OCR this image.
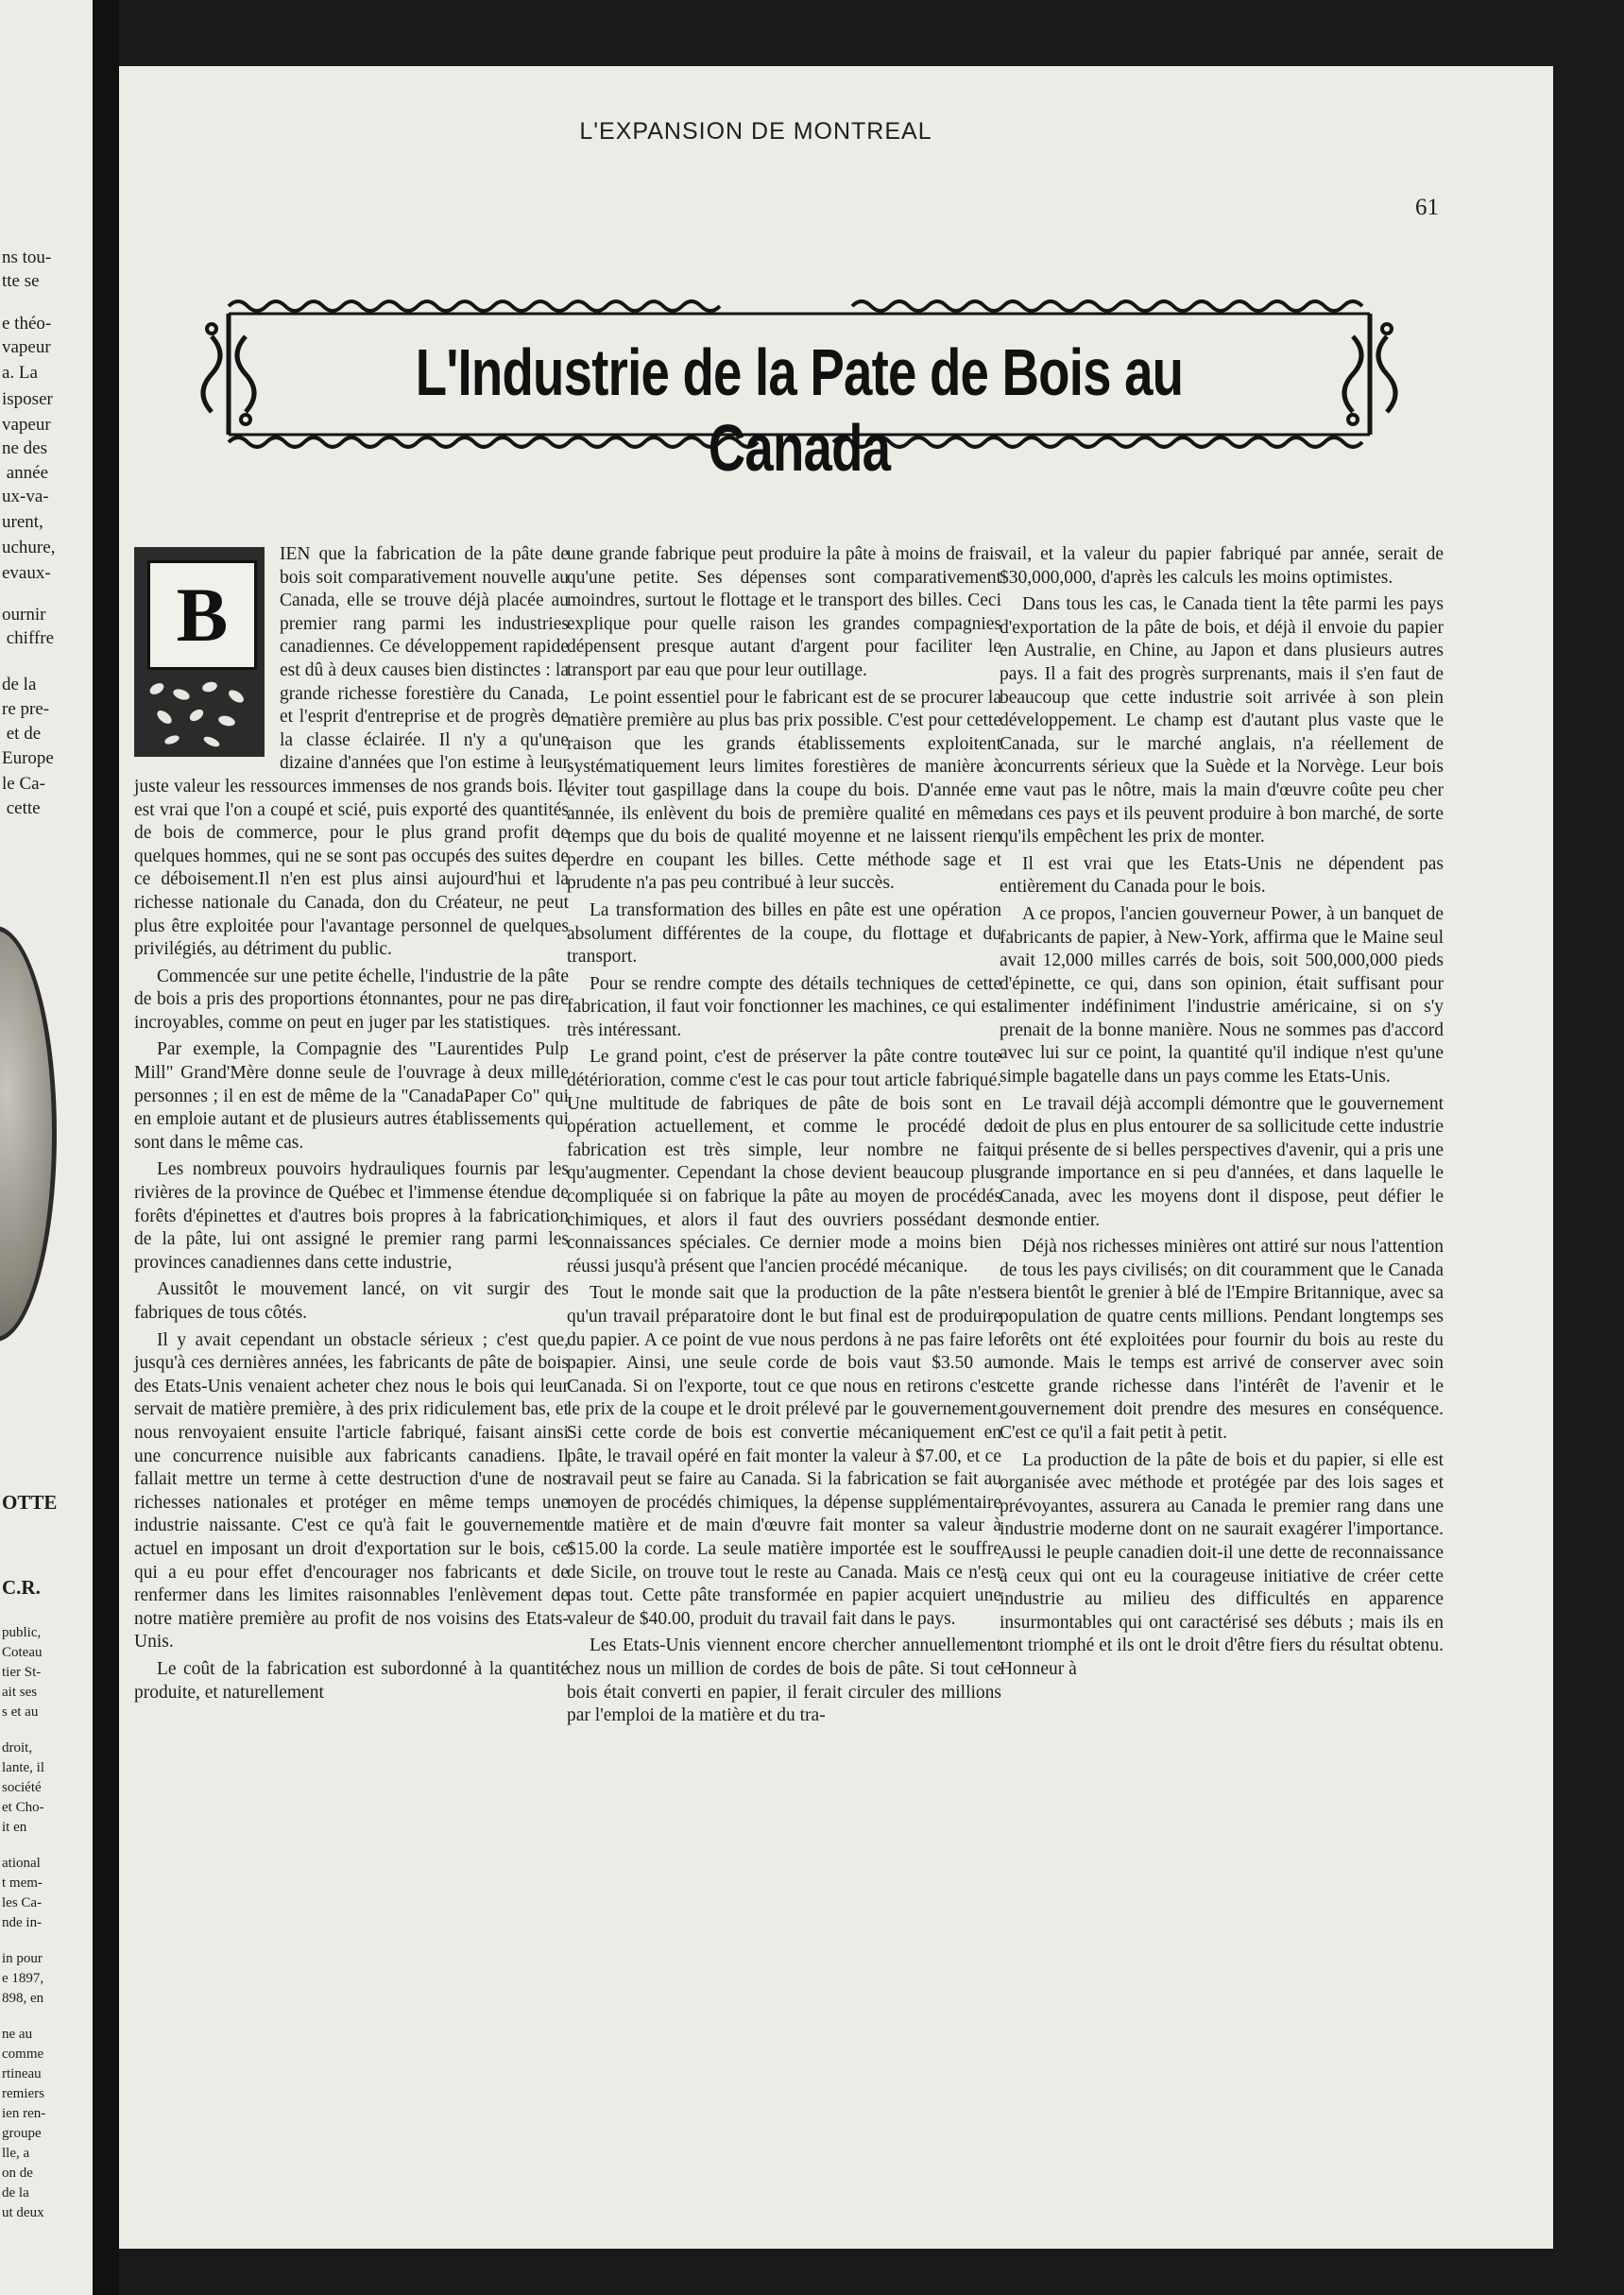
ns tou-
tte se
e théo-
vapeur
a. La
isposer
vapeur
ne des
année
ux-va-
urent,
uchure,
evaux-
ournir
chiffre
de la
re pre-
et de
Europe
le Ca-
cette
OTTE
C.R.
public,
Coteau
tier St-
ait ses
s et au
droit,
lante, il
société
et Cho-
it en
ational
t mem-
les Ca-
nde in-
in pour
e 1897,
898, en
ne au
comme
rtineau
remiers
ien ren-
groupe
lle, a
on de
de la
ut deux
L'EXPANSION DE MONTREAL
61
L'Industrie de la Pate de Bois au Canada
B

IEN que la fabrication de la pâte de bois soit comparativement nouvelle au Canada, elle se trouve déjà placée au premier rang parmi les industries canadiennes. Ce développement rapide est dû à deux causes bien distinctes : la grande richesse forestière du Canada, et l'esprit d'entreprise et de progrès de la classe éclairée. Il n'y a qu'une dizaine d'années que l'on estime à leur juste valeur les ressources immenses de nos grands bois. Il est vrai que l'on a coupé et scié, puis exporté des quantités de bois de commerce, pour le plus grand profit de quelques hommes, qui ne se sont pas occupés des suites de ce déboisement.Il n'en est plus ainsi aujourd'hui et la richesse nationale du Canada, don du Créateur, ne peut plus être exploitée pour l'avantage personnel de quelques privilégiés, au détriment du public.

Commencée sur une petite échelle, l'industrie de la pâte de bois a pris des proportions étonnantes, pour ne pas dire incroyables, comme on peut en juger par les statistiques.

Par exemple, la Compagnie des "Laurentides Pulp Mill" Grand'Mère donne seule de l'ouvrage à deux mille personnes ; il en est de même de la "CanadaPaper Co" qui en emploie autant et de plusieurs autres établissements qui sont dans le même cas.

Les nombreux pouvoirs hydrauliques fournis par les rivières de la province de Québec et l'immense étendue de forêts d'épinettes et d'autres bois propres à la fabrication de la pâte, lui ont assigné le premier rang parmi les provinces canadiennes dans cette industrie,

Aussitôt le mouvement lancé, on vit surgir des fabriques de tous côtés.

Il y avait cependant un obstacle sérieux ; c'est que, jusqu'à ces dernières années, les fabricants de pâte de bois des Etats-Unis venaient acheter chez nous le bois qui leur servait de matière première, à des prix ridiculement bas, et nous renvoyaient ensuite l'article fabriqué, faisant ainsi une concurrence nuisible aux fabricants canadiens. Il fallait mettre un terme à cette destruction d'une de nos richesses nationales et protéger en même temps une industrie naissante. C'est ce qu'à fait le gouvernement actuel en imposant un droit d'exportation sur le bois, ce qui a eu pour effet d'encourager nos fabricants et de renfermer dans les limites raisonnables l'enlèvement de notre matière première au profit de nos voisins des Etats-Unis.

Le coût de la fabrication est subordonné à la quantité produite, et naturellement

une grande fabrique peut produire la pâte à moins de frais qu'une petite. Ses dépenses sont comparativement moindres, surtout le flottage et le transport des billes. Ceci explique pour quelle raison les grandes compagnies dépensent presque autant d'argent pour faciliter le transport par eau que pour leur outillage.

Le point essentiel pour le fabricant est de se procurer la matière première au plus bas prix possible. C'est pour cette raison que les grands établissements exploitent systématiquement leurs limites forestières de manière à éviter tout gaspillage dans la coupe du bois. D'année en année, ils enlèvent du bois de première qualité en même temps que du bois de qualité moyenne et ne laissent rien perdre en coupant les billes. Cette méthode sage et prudente n'a pas peu contribué à leur succès.

La transformation des billes en pâte est une opération absolument différentes de la coupe, du flottage et du transport.

Pour se rendre compte des détails techniques de cette fabrication, il faut voir fonctionner les machines, ce qui est très intéressant.

Le grand point, c'est de préserver la pâte contre toute détérioration, comme c'est le cas pour tout article fabriqué. Une multitude de fabriques de pâte de bois sont en opération actuellement, et comme le procédé de fabrication est très simple, leur nombre ne fait qu'augmenter. Cependant la chose devient beaucoup plus compliquée si on fabrique la pâte au moyen de procédés chimiques, et alors il faut des ouvriers possédant des connaissances spéciales. Ce dernier mode a moins bien réussi jusqu'à présent que l'ancien procédé mécanique.

Tout le monde sait que la production de la pâte n'est qu'un travail préparatoire dont le but final est de produire du papier. A ce point de vue nous perdons à ne pas faire le papier. Ainsi, une seule corde de bois vaut $3.50 au Canada. Si on l'exporte, tout ce que nous en retirons c'est le prix de la coupe et le droit prélevé par le gouvernement. Si cette corde de bois est convertie mécaniquement en pâte, le travail opéré en fait monter la valeur à $7.00, et ce travail peut se faire au Canada. Si la fabrication se fait au moyen de procédés chimiques, la dépense supplémentaire de matière et de main d'œuvre fait monter sa valeur à $15.00 la corde. La seule matière importée est le souffre de Sicile, on trouve tout le reste au Canada. Mais ce n'est pas tout. Cette pâte transformée en papier acquiert une valeur de $40.00, produit du travail fait dans le pays.

Les Etats-Unis viennent encore chercher annuellement chez nous un million de cordes de bois de pâte. Si tout ce bois était converti en papier, il ferait circuler des millions par l'emploi de la matière et du tra-

vail, et la valeur du papier fabriqué par année, serait de $30,000,000, d'après les calculs les moins optimistes.

Dans tous les cas, le Canada tient la tête parmi les pays d'exportation de la pâte de bois, et déjà il envoie du papier en Australie, en Chine, au Japon et dans plusieurs autres pays. Il a fait des progrès surprenants, mais il s'en faut de beaucoup que cette industrie soit arrivée à son plein développement. Le champ est d'autant plus vaste que le Canada, sur le marché anglais, n'a réellement de concurrents sérieux que la Suède et la Norvège. Leur bois ne vaut pas le nôtre, mais la main d'œuvre coûte peu cher dans ces pays et ils peuvent produire à bon marché, de sorte qu'ils empêchent les prix de monter.

Il est vrai que les Etats-Unis ne dépendent pas entièrement du Canada pour le bois.

A ce propos, l'ancien gouverneur Power, à un banquet de fabricants de papier, à New-York, affirma que le Maine seul avait 12,000 milles carrés de bois, soit 500,000,000 pieds d'épinette, ce qui, dans son opinion, était suffisant pour alimenter indéfiniment l'industrie américaine, si on s'y prenait de la bonne manière. Nous ne sommes pas d'accord avec lui sur ce point, la quantité qu'il indique n'est qu'une simple bagatelle dans un pays comme les Etats-Unis.

Le travail déjà accompli démontre que le gouvernement doit de plus en plus entourer de sa sollicitude cette industrie qui présente de si belles perspectives d'avenir, qui a pris une grande importance en si peu d'années, et dans laquelle le Canada, avec les moyens dont il dispose, peut défier le monde entier.

Déjà nos richesses minières ont attiré sur nous l'attention de tous les pays civilisés; on dit couramment que le Canada sera bientôt le grenier à blé de l'Empire Britannique, avec sa population de quatre cents millions. Pendant longtemps ses forêts ont été exploitées pour fournir du bois au reste du monde. Mais le temps est arrivé de conserver avec soin cette grande richesse dans l'intérêt de l'avenir et le gouvernement doit prendre des mesures en conséquence. C'est ce qu'il a fait petit à petit.

La production de la pâte de bois et du papier, si elle est organisée avec méthode et protégée par des lois sages et prévoyantes, assurera au Canada le premier rang dans une industrie moderne dont on ne saurait exagérer l'importance. Aussi le peuple canadien doit-il une dette de reconnaissance à ceux qui ont eu la courageuse initiative de créer cette industrie au milieu des difficultés en apparence insurmontables qui ont caractérisé ses débuts ; mais ils en ont triomphé et ils ont le droit d'être fiers du résultat obtenu. Honneur à
